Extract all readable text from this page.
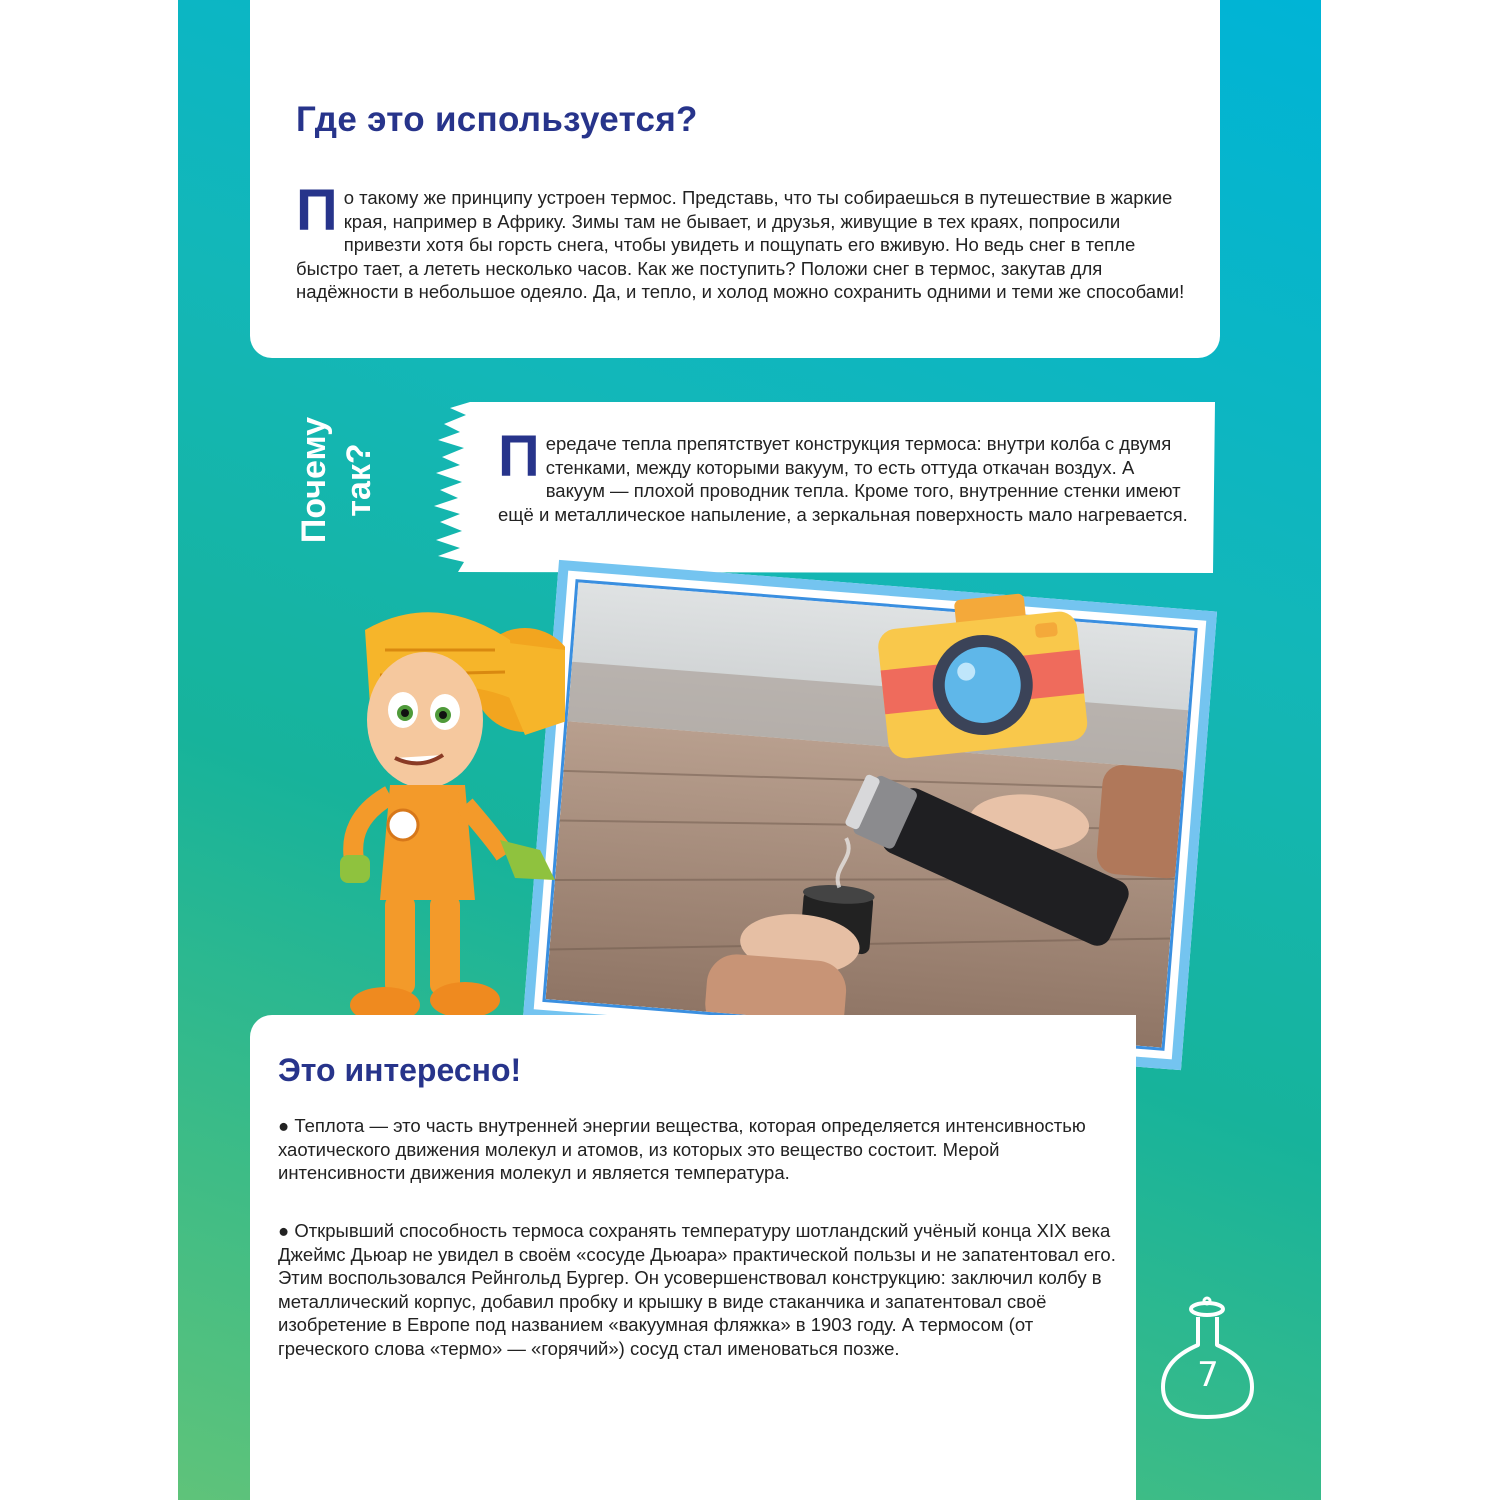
Где это используется?

По такому же принципу устроен термос. Представь, что ты собираешься в путешествие в жаркие края, например в Африку. Зимы там не бывает, и друзья, живущие в тех краях, попросили привезти хотя бы горсть снега, чтобы увидеть и пощупать его вживую. Но ведь снег в тепле быстро тает, а лететь несколько часов. Как же поступить? Положи снег в термос, закутав для надёжности в небольшое одеяло. Да, и тепло, и холод можно сохранить одними и теми же способами!

Почему так? Передаче тепла препятствует конструкция термоса: внутри колба с двумя стенками, между которыми вакуум, то есть оттуда откачан воздух. А вакуум — плохой проводник тепла. Кроме того, внутренние стенки имеют ещё и металлическое напыление, а зеркальная поверхность мало нагревается.

Это интересно!

● Теплота — это часть внутренней энергии вещества, которая определяется интенсивностью хаотического движения молекул и атомов, из которых это вещество состоит. Мерой интенсивности движения молекул и является температура.

● Открывший способность термоса сохранять температуру шотландский учёный конца XIX века Джеймс Дьюар не увидел в своём «сосуде Дьюара» практической пользы и не запатентовал его. Этим воспользовался Рейнгольд Бургер. Он усовершенствовал конструкцию: заключил колбу в металлический корпус, добавил пробку и крышку в виде стаканчика и запатентовал своё изобретение в Европе под названием «вакуумная фляжка» в 1903 году. А термосом (от греческого слова «термо» — «горячий») сосуд стал именоваться позже.

7
